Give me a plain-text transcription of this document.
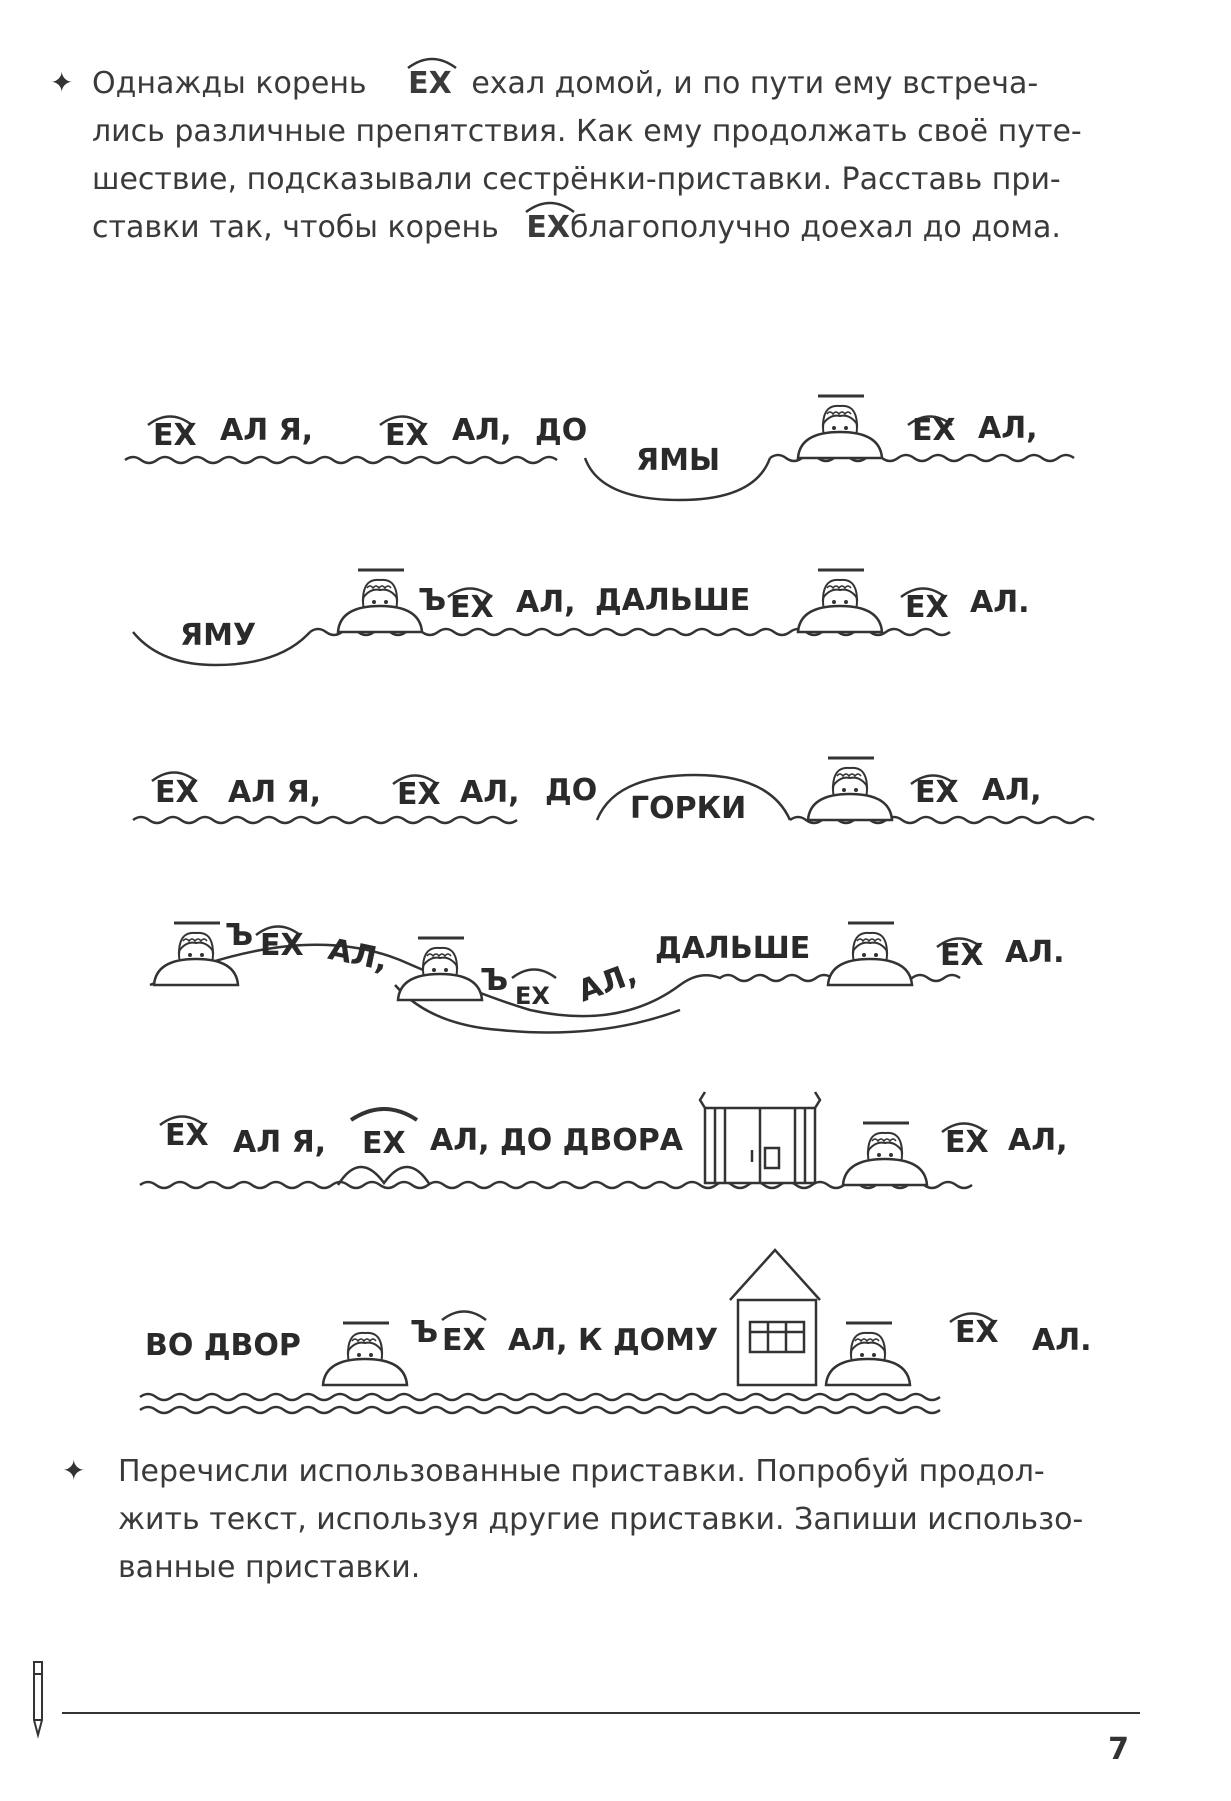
✦ Однажды корень ЕХ ехал домой, и по пути ему встреча-

лись различные препятствия. Как ему продолжать своё путе-

шествие, подсказывали сестрёнки-приставки. Расставь при-

ставки так, чтобы корень ЕХблагополучно доехал до дома.

ЕХ АЛ Я, ЕХ АЛ, ДО
ЯМЫ
ЕХ АЛ,
ЯМУ
Ъ ЕХ АЛ, ДАЛЬШЕ	ЕХ АЛ.
ЕХ АЛ Я,	ЕХ АЛ, ДО
ГОРКИ	ЕХ АЛ,
Ъ ЕХ АЛ,
Ъ ЕХ АЛ,
ДАЛЬШЕ	ЕХ АЛ.
ЕХ АЛ Я, ЕХ АЛ, ДО ДВОРА	ЕХ АЛ,
ВО ДВОР	Ъ ЕХ АЛ, К ДОМУ	ЕХ АЛ.
✦ Перечисли использованные приставки. Попробуй продол-

жить текст, используя другие приставки. Запиши использо-

ванные приставки.

7
